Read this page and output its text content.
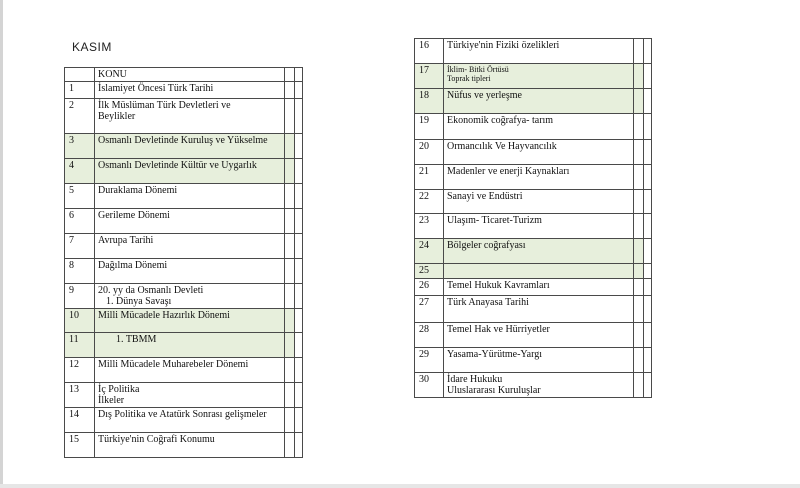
KASIM
	KONU		
1	İslamiyet Öncesi Türk Tarihi		

2	İlk Müslüman Türk Devletleri ve
Beylikler		

3	Osmanlı Devletinde Kuruluş ve Yükselme		

4	Osmanlı Devletinde Kültür ve Uygarlık		

5	Duraklama Dönemi		

6	Gerileme Dönemi		

7	Avrupa Tarihi		

8	Dağılma Dönemi		

9	20. yy da Osmanlı Devleti
1. Dünya Savaşı		

10	Milli Mücadele Hazırlık Dönemi		

11	1. TBMM		

12	Milli Mücadele Muharebeler Dönemi		

13	İç Politika
İlkeler		

14	Dış Politika ve Atatürk Sonrası gelişmeler		

15	Türkiye'nin Coğrafi Konumu		

16	Türkiye'nin Fiziki özelikleri		

17	İklim- Bitki Örtüsü
Toprak tipleri		

18	Nüfus ve yerleşme		

19	Ekonomik coğrafya- tarım		

20	Ormancılık Ve Hayvancılık		

21	Madenler ve enerji Kaynakları		

22	Sanayi ve Endüstri		

23	Ulaşım- Ticaret-Turizm		

24	Bölgeler coğrafyası		

25	

26	Temel Hukuk Kavramları		

27	Türk Anayasa Tarihi		

28	Temel Hak ve Hürriyetler		

29	Yasama-Yürütme-Yargı		

30	İdare Hukuku
Uluslararası Kuruluşlar		
